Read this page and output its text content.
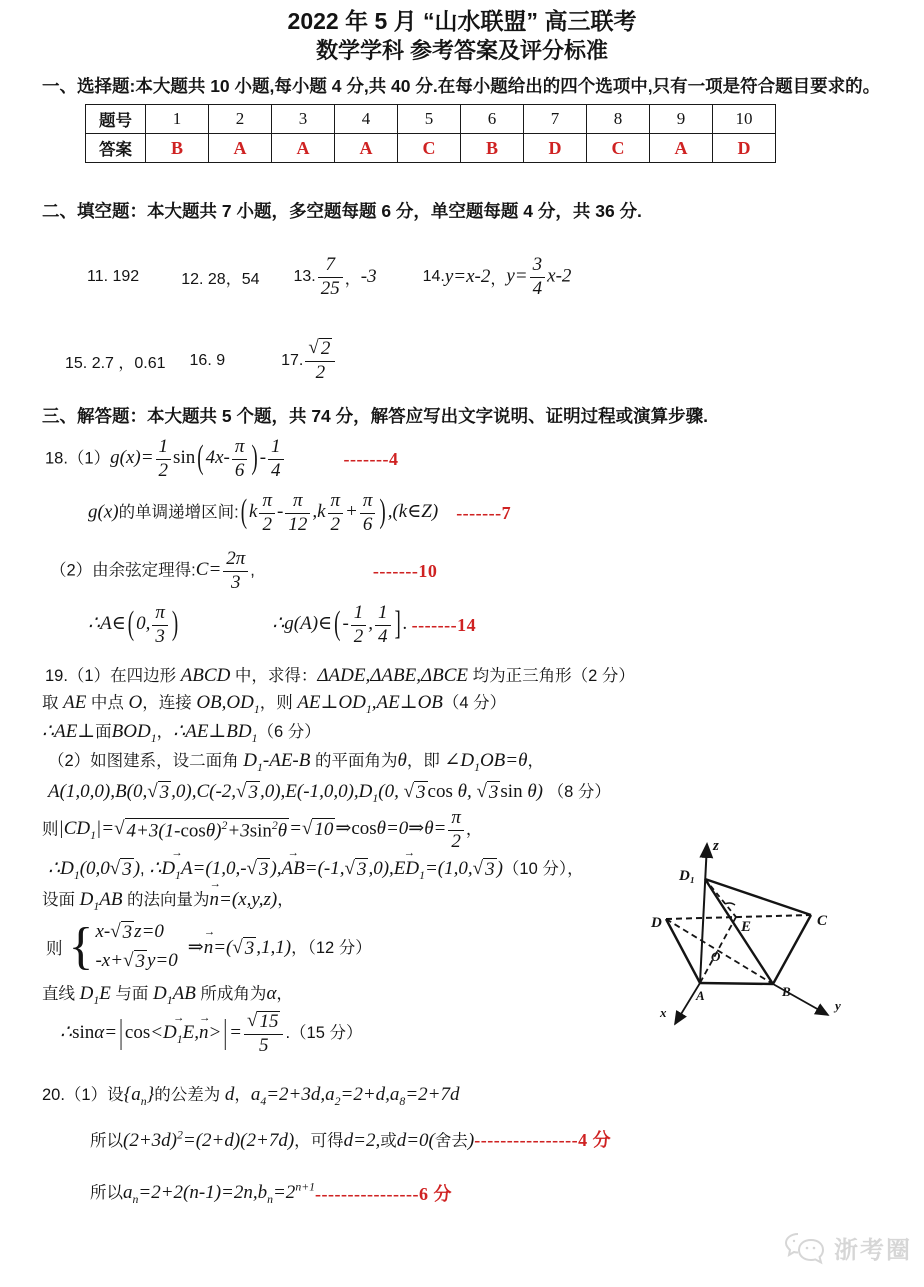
2022 年 5 月 “山水联盟” 高三联考
数学学科 参考答案及评分标准
一、选择题:本大题共 10 小题,每小题 4 分,共 40 分.在每小题给出的四个选项中,只有一项是符合题目要求的。
题号	1	2	3	4	5	6	7	8	9	10
答案	B	A	A	A	C	B	D	C	A	D
二、填空题：本大题共 7 小题，多空题每题 6 分，单空题每题 4 分，共 36 分.
11. 192	12. 28，54 13. $\frac{7}{25}$ ， -3	14. y=x-2 ， $y= \frac{3}{4} x-2$
15. 2.7 ，0.61 16. 9	17. $\frac{√ 2}{2}$
三、解答题：本大题共 5 个题，共 74 分，解答应写出文字说明、证明过程或演算步骤.
$18.(1)g(x)= \frac{1}{2}$ sin ( $4x- \frac{\pi}{6}$ ) - $\frac{1}{4}$	-------4
g(x)的单调递增区间: ( k $\frac{\pi}{2} - \frac{\pi}{12} ,k \frac{\pi}{2} + \frac{\pi}{6}$ ) ,(k∈Z) -------7
（2）由余弦定理得:C= $\frac{2\pi}{3}$ ,	-------10
∴A∈ ( 0, $\frac{\pi}{3}$ )	∴g(A)∈ ( - $\frac{1}{2}$ , $\frac{1}{4}$ ] . -------14
19.（1）在四边形 ABCD 中，求得：ΔADE,ΔABE,ΔBCE 均为正三角形（2 分）
取 AE 中点 O，连接 $OB,OD_1$，则 $AE\perp OD_1,AE\perp OB(4$ 分）
∴AE⊥面$BOD_1$，$\therefore AE\perp BD_1(6$ 分）
（2）如图建系，设二面角 $D_1-AE-B$ 的平面角为θ，即 $\angle D_1OB=\theta$，
A(1,0,0),B(0, √ 3 ,0),C(-2, √ 3 $,0),E(-1,0,0),D_1(0$, √ 3 cos θ, √ 3 sin θ) （8 分）
则$|CD_1|=$ √ $4+3(1-\cos\theta)^2+3\sin^2\theta$ = √ 10 ⇒cosθ=0⇒θ= $\frac{\pi}{2}$ ，
$\therefore D_1(0,0$ √ 3 ), $\therefore D_1A \to=(1,0,-$ √ 3 ),AB →=(-1, √ 3 $,0),ED_1 \to=(1,0$, √ 3 )（10 分），
设面 $D_1AB$ 的法向量为n →=(x,y,z)，
则 { x- √ 3 z=0
-x+ √ 3 y=0
⇒n →=( √ 3 ,1,1)，（12 分）
直线 $D_1E$ 与面 $D_1AB$ 所成角为α，
∴sinα= | $\cos<D_1E \to,n$ →> | = $\frac{√ 15}{5} .(15$ 分）
20.（1）设$\{a_n\}$的公差为 d，$a_4=2+3d,a_2=2+d,a_8=2+7d$
所以$(2+3d)^2=(2+d)(2+7d)$，可得d=2,或d=0(舍去) ----------------4 分
所以$a_n=2+2(n-1)=2n,b_n=2^{n+1}$ ----------------6 分
z
D₁
D	C
E
O
A	B
x	y
浙考圈
